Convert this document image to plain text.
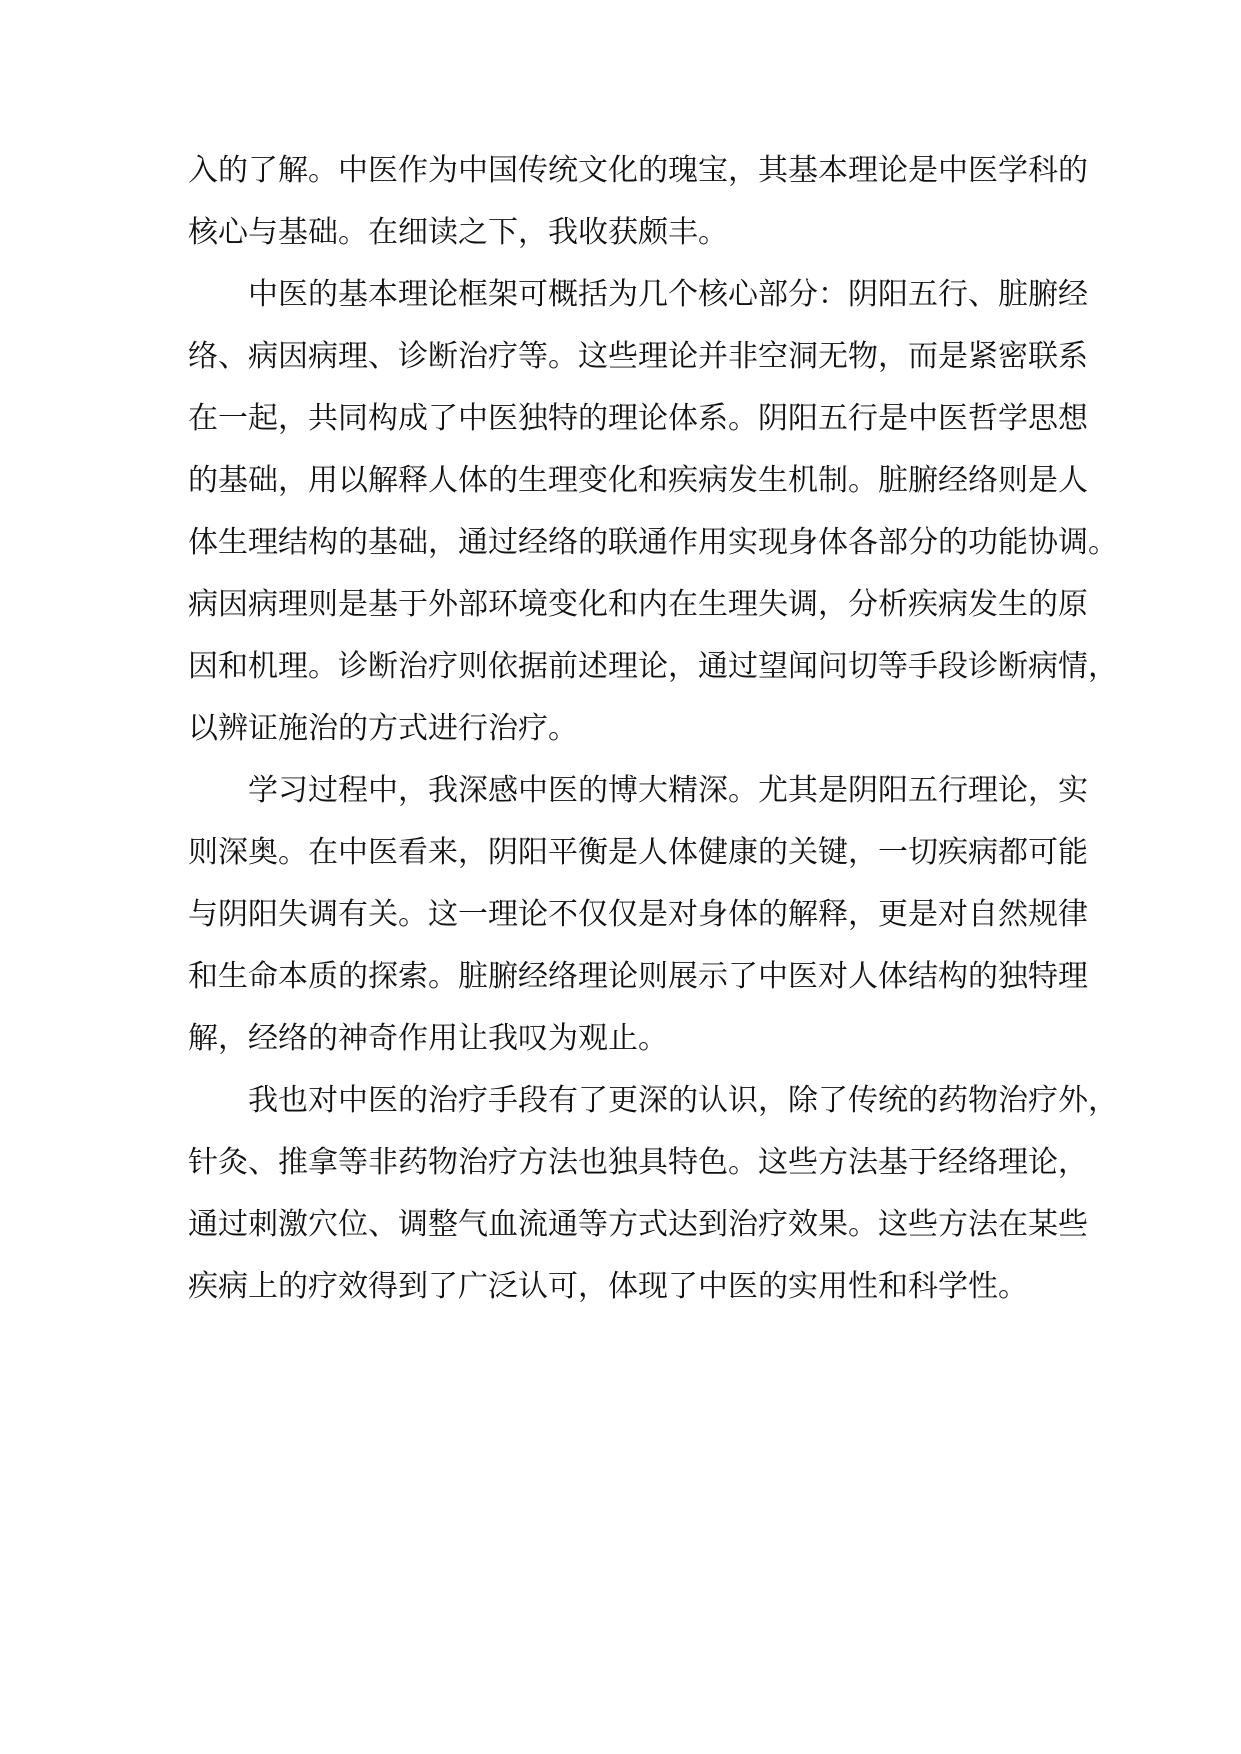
入的了解。中医作为中国传统文化的瑰宝，其基本理论是中医学科的
核心与基础。在细读之下，我收获颇丰。
中医的基本理论框架可概括为几个核心部分：阴阳五行、脏腑经
络、病因病理、诊断治疗等。这些理论并非空洞无物，而是紧密联系
在一起，共同构成了中医独特的理论体系。阴阳五行是中医哲学思想
的基础，用以解释人体的生理变化和疾病发生机制。脏腑经络则是人
体生理结构的基础，通过经络的联通作用实现身体各部分的功能协调。
病因病理则是基于外部环境变化和内在生理失调，分析疾病发生的原
因和机理。诊断治疗则依据前述理论，通过望闻问切等手段诊断病情，
以辨证施治的方式进行治疗。
学习过程中，我深感中医的博大精深。尤其是阴阳五行理论，实
则深奥。在中医看来，阴阳平衡是人体健康的关键，一切疾病都可能
与阴阳失调有关。这一理论不仅仅是对身体的解释，更是对自然规律
和生命本质的探索。脏腑经络理论则展示了中医对人体结构的独特理
解，经络的神奇作用让我叹为观止。
我也对中医的治疗手段有了更深的认识，除了传统的药物治疗外，
针灸、推拿等非药物治疗方法也独具特色。这些方法基于经络理论，
通过刺激穴位、调整气血流通等方式达到治疗效果。这些方法在某些
疾病上的疗效得到了广泛认可，体现了中医的实用性和科学性。
